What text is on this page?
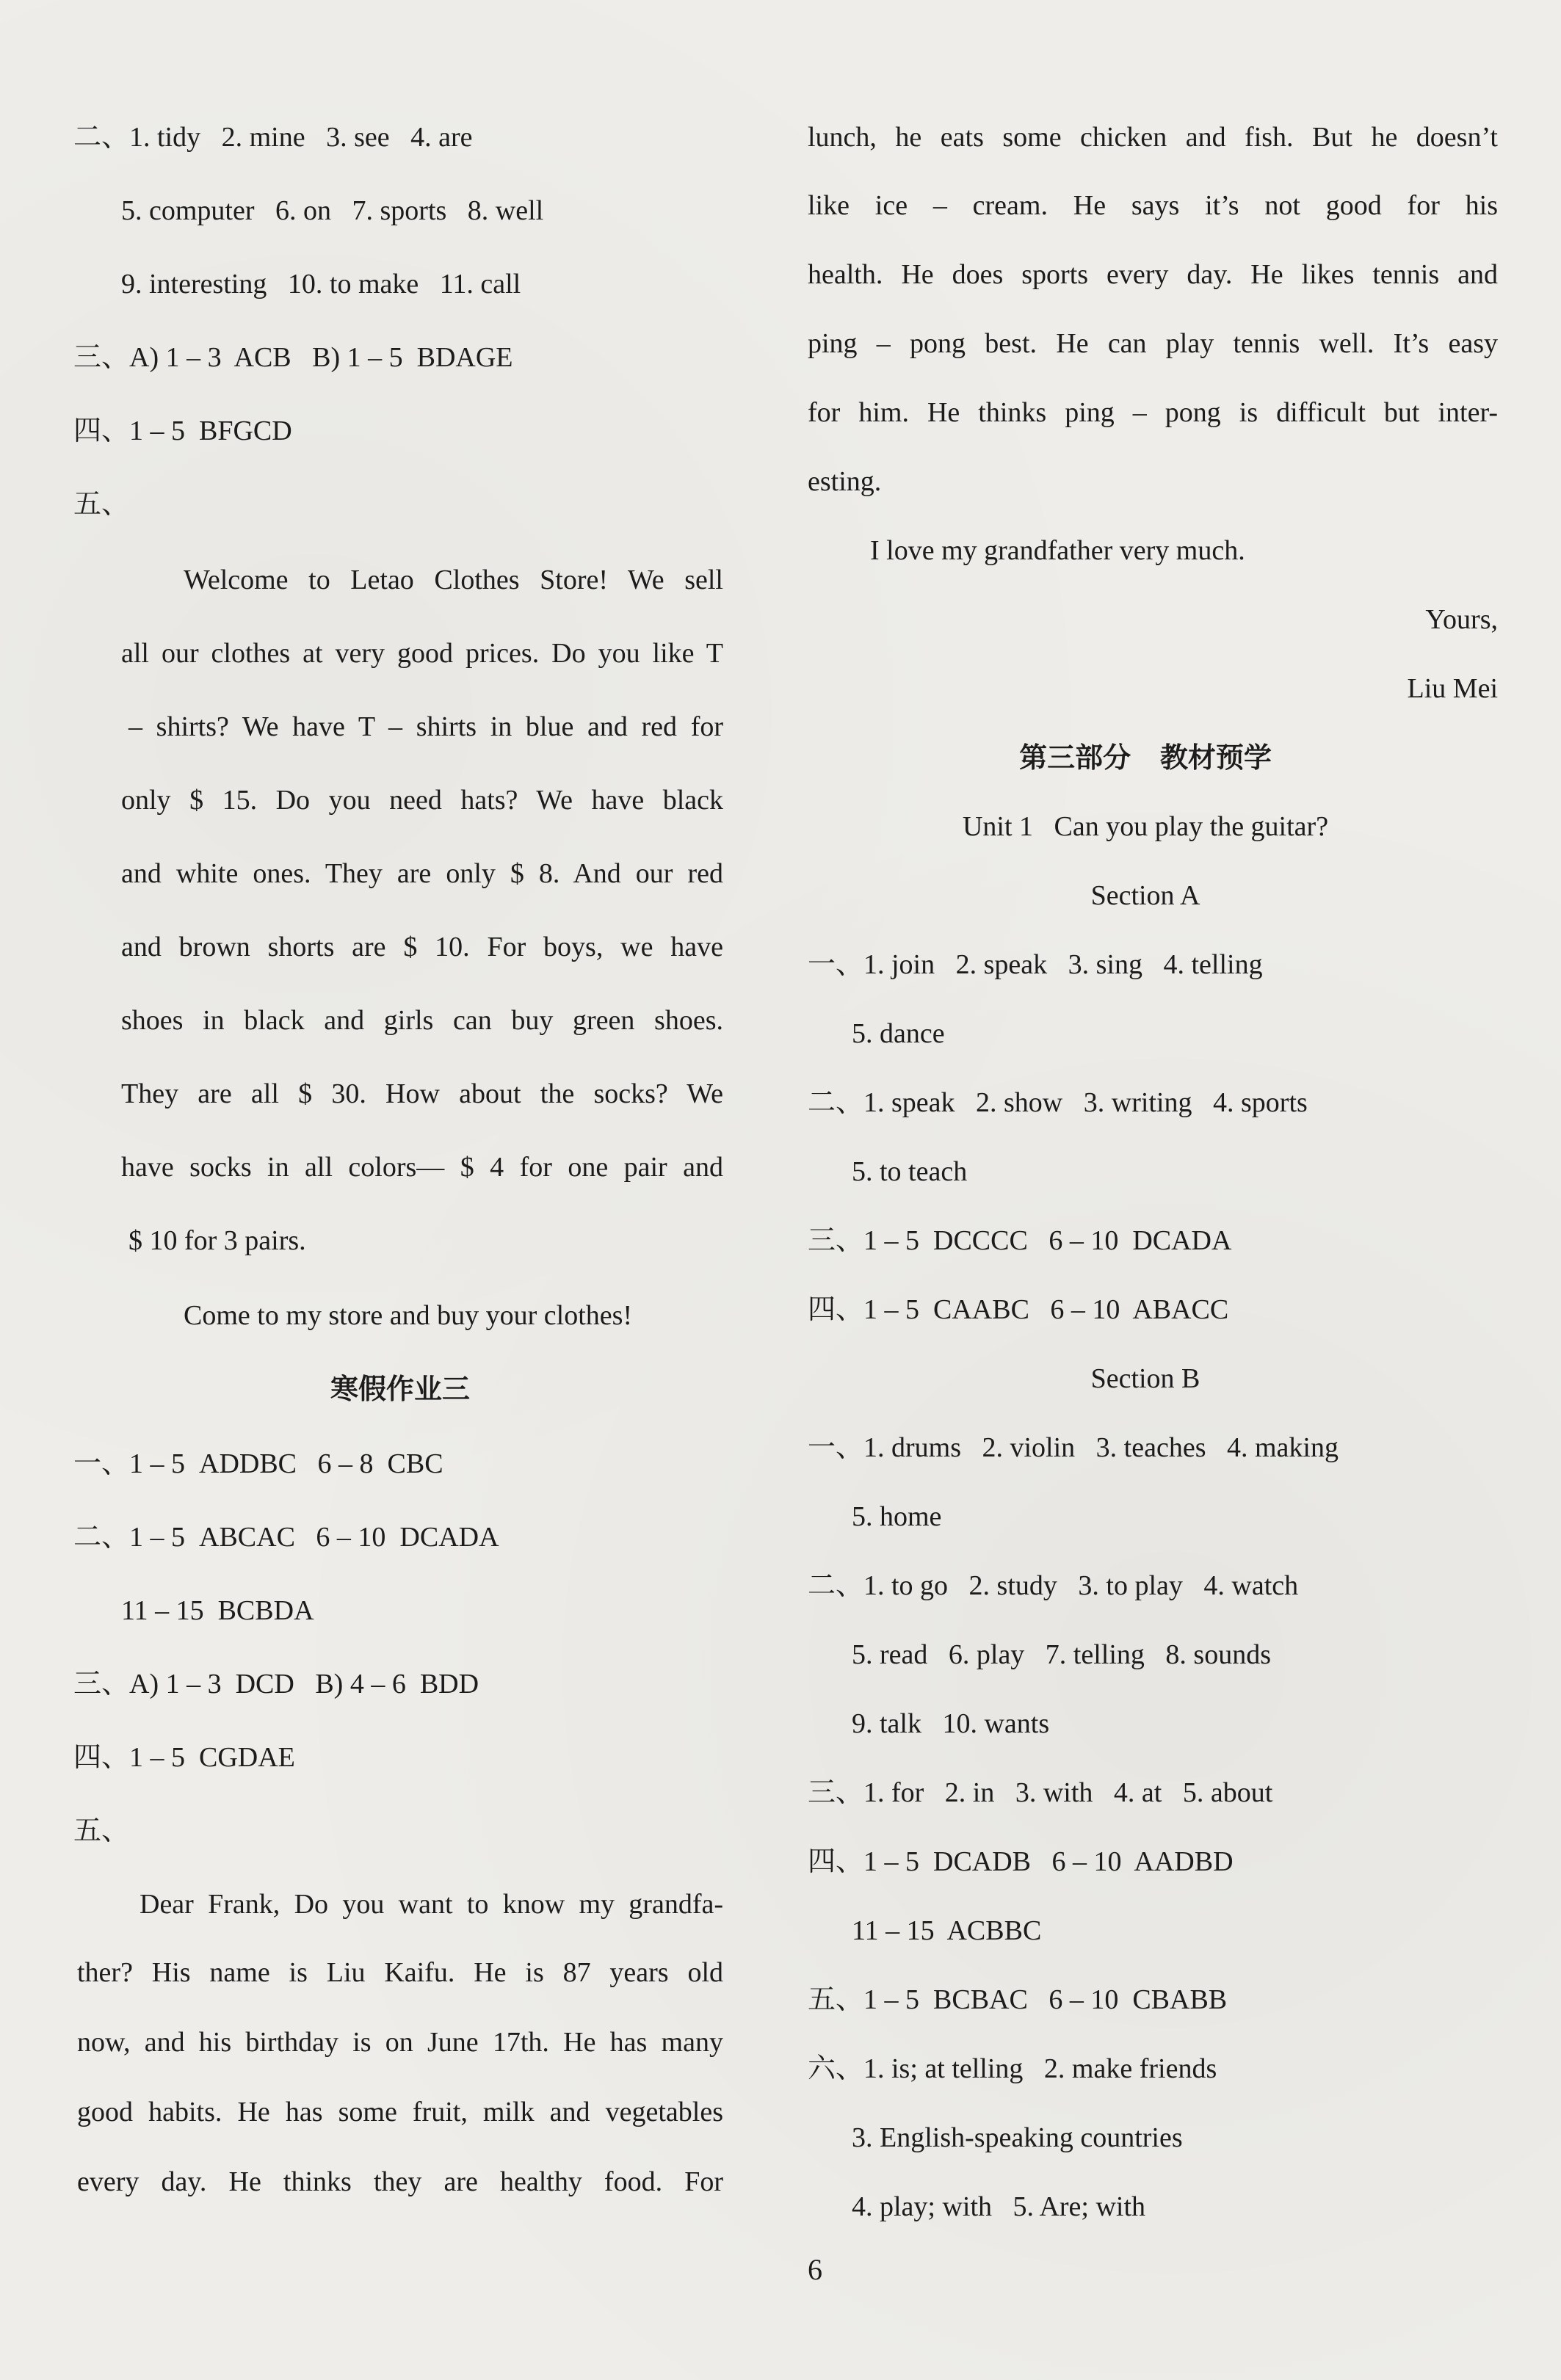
二、1. tidy   2. mine   3. see   4. are
5. computer   6. on   7. sports   8. well
9. interesting   10. to make   11. call
三、A) 1 – 3  ACB   B) 1 – 5  BDAGE
四、1 – 5  BFGCD
五、
Welcome to Letao Clothes Store! We sell
all our clothes at very good prices. Do you like T
– shirts? We have T – shirts in blue and red for
only $ 15. Do you need hats? We have black
and white ones. They are only $ 8. And our red
and brown shorts are $ 10. For boys, we have
shoes in black and girls can buy green shoes.
They are all $ 30. How about the socks? We
have socks in all colors— $ 4 for one pair and
$ 10 for 3 pairs.
Come to my store and buy your clothes!
寒假作业三
一、1 – 5  ADDBC   6 – 8  CBC
二、1 – 5  ABCAC   6 – 10  DCADA
11 – 15  BCBDA
三、A) 1 – 3  DCD   B) 4 – 6  BDD
四、1 – 5  CGDAE
五、
Dear Frank, Do you want to know my grandfa-
ther? His name is Liu Kaifu. He is 87 years old
now, and his birthday is on June 17th. He has many
good habits. He has some fruit, milk and vegetables
every day. He thinks they are healthy food. For
lunch, he eats some chicken and fish. But he doesn’t
like ice – cream. He says it’s not good for his
health. He does sports every day. He likes tennis and
ping – pong best. He can play tennis well. It’s easy
for him. He thinks ping – pong is difficult but inter-
esting.
I love my grandfather very much.
Yours,
Liu Mei
第三部分   教材预学
Unit 1   Can you play the guitar?
Section A
一、1. join   2. speak   3. sing   4. telling
5. dance
二、1. speak   2. show   3. writing   4. sports
5. to teach
三、1 – 5  DCCCC   6 – 10  DCADA
四、1 – 5  CAABC   6 – 10  ABACC
Section B
一、1. drums   2. violin   3. teaches   4. making
5. home
二、1. to go   2. study   3. to play   4. watch
5. read   6. play   7. telling   8. sounds
9. talk   10. wants
三、1. for   2. in   3. with   4. at   5. about
四、1 – 5  DCADB   6 – 10  AADBD
11 – 15  ACBBC
五、1 – 5  BCBAC   6 – 10  CBABB
六、1. is; at telling   2. make friends
3. English-speaking countries
4. play; with   5. Are; with
6
